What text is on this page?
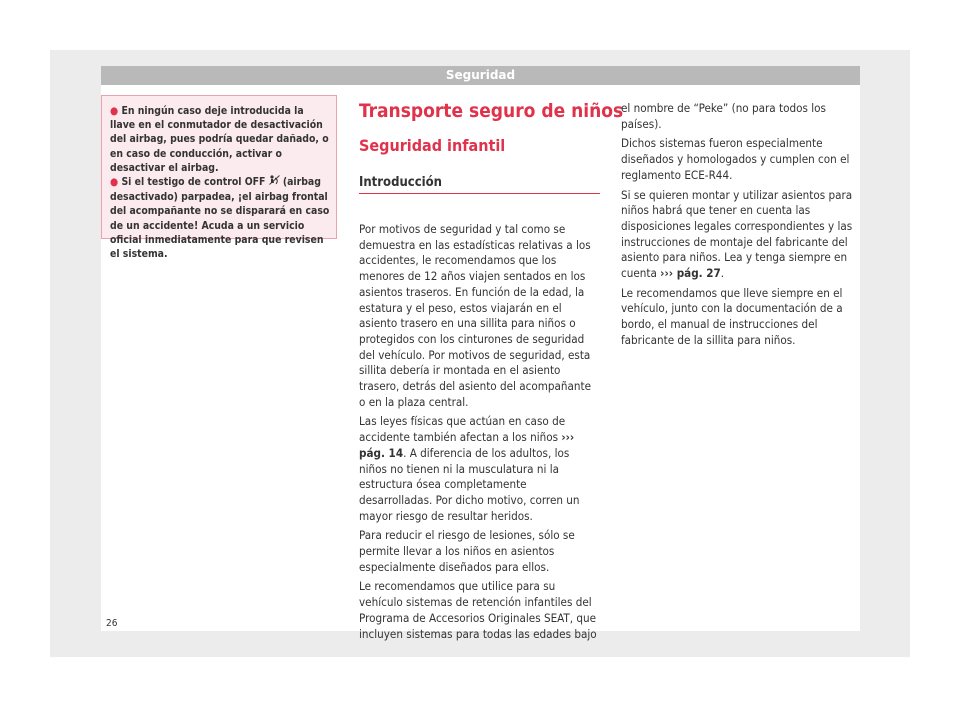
Seguridad

● En ningún caso deje introducida la llave en el conmutador de desactivación del airbag, pues podría quedar dañado, o en caso de conducción, activar o desactivar el airbag.

● Si el testigo de control OFF (airbag desactivado) parpadea, ¡el airbag frontal del acompañante no se disparará en caso de un accidente! Acuda a un servicio oficial inmediatamente para que revisen el sistema.

Transporte seguro de niños
Seguridad infantil
Introducción

Por motivos de seguridad y tal como se demuestra en las estadísticas relativas a los accidentes, le recomendamos que los menores de 12 años viajen sentados en los asientos traseros. En función de la edad, la estatura y el peso, estos viajarán en el asiento trasero en una sillita para niños o protegidos con los cinturones de seguridad del vehículo. Por motivos de seguridad, esta sillita debería ir montada en el asiento trasero, detrás del asiento del acompañante o en la plaza central.

Las leyes físicas que actúan en caso de accidente también afectan a los niños ››› pág. 14. A diferencia de los adultos, los niños no tienen ni la musculatura ni la estructura ósea completamente desarrolladas. Por dicho motivo, corren un mayor riesgo de resultar heridos.

Para reducir el riesgo de lesiones, sólo se permite llevar a los niños en asientos especialmente diseñados para ellos.

Le recomendamos que utilice para su vehículo sistemas de retención infantiles del Programa de Accesorios Originales SEAT, que incluyen sistemas para todas las edades bajo

el nombre de “Peke” (no para todos los países).

Dichos sistemas fueron especialmente diseñados y homologados y cumplen con el reglamento ECE-R44.

Si se quieren montar y utilizar asientos para niños habrá que tener en cuenta las disposiciones legales correspondientes y las instrucciones de montaje del fabricante del asiento para niños. Lea y tenga siempre en cuenta ››› pág. 27.

Le recomendamos que lleve siempre en el vehículo, junto con la documentación de a bordo, el manual de instrucciones del fabricante de la sillita para niños.

26
